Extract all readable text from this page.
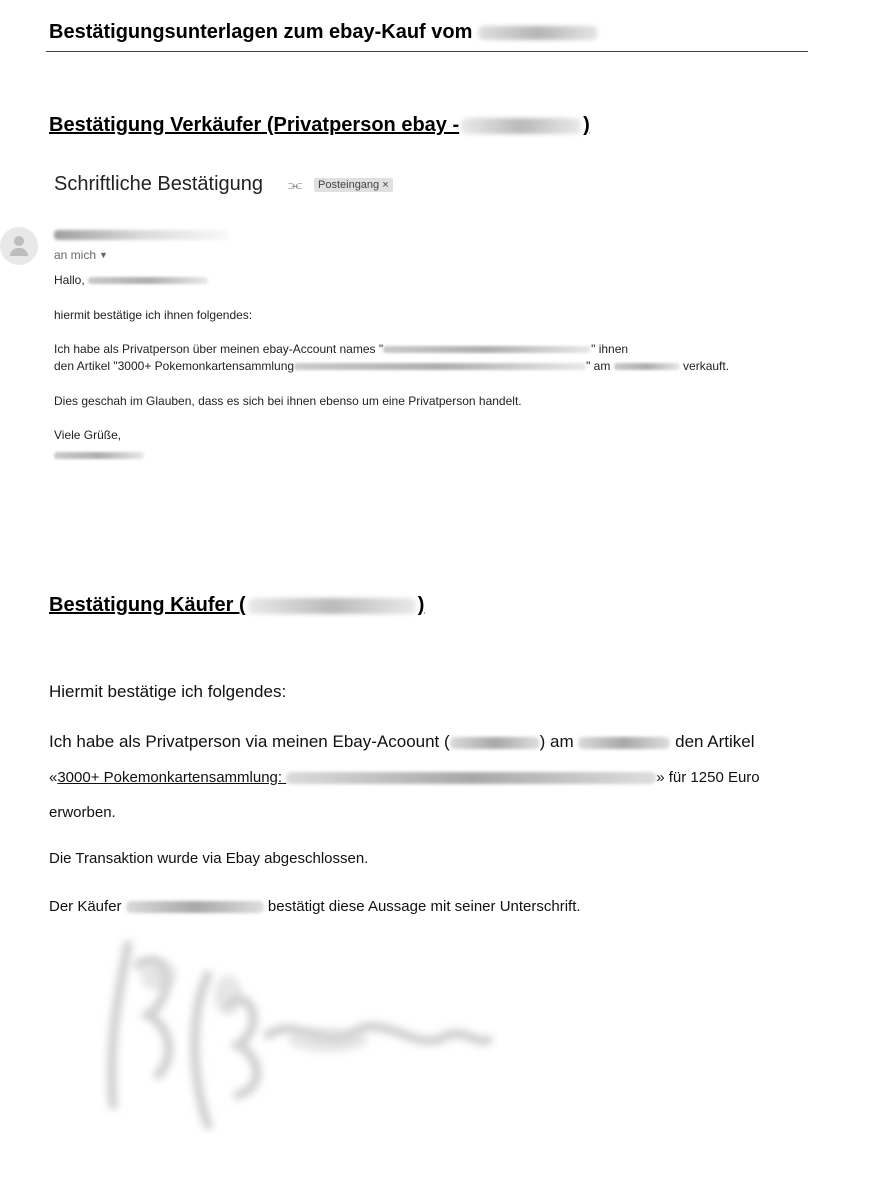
Bestätigungsunterlagen zum ebay-Kauf vom
Bestätigung Verkäufer (Privatperson ebay -	)
Schriftliche Bestätigung ⫘	Posteingang ×
an mich ▼
Hallo,
hiermit bestätige ich ihnen folgendes:
Ich habe als Privatperson über meinen ebay-Account names "	" ihnen
den Artikel "3000+ Pokemonkartensammlung	" am	verkauft.
Dies geschah im Glauben, dass es sich bei ihnen ebenso um eine Privatperson handelt.
Viele Grüße,
Bestätigung Käufer (	)
Hiermit bestätige ich folgendes:
Ich habe als Privatperson via meinen Ebay-Acoount (	) am	den Artikel
«3000+ Pokemonkartensammlung:	» für 1250 Euro
erworben.
Die Transaktion wurde via Ebay abgeschlossen.
Der Käufer	bestätigt diese Aussage mit seiner Unterschrift.
